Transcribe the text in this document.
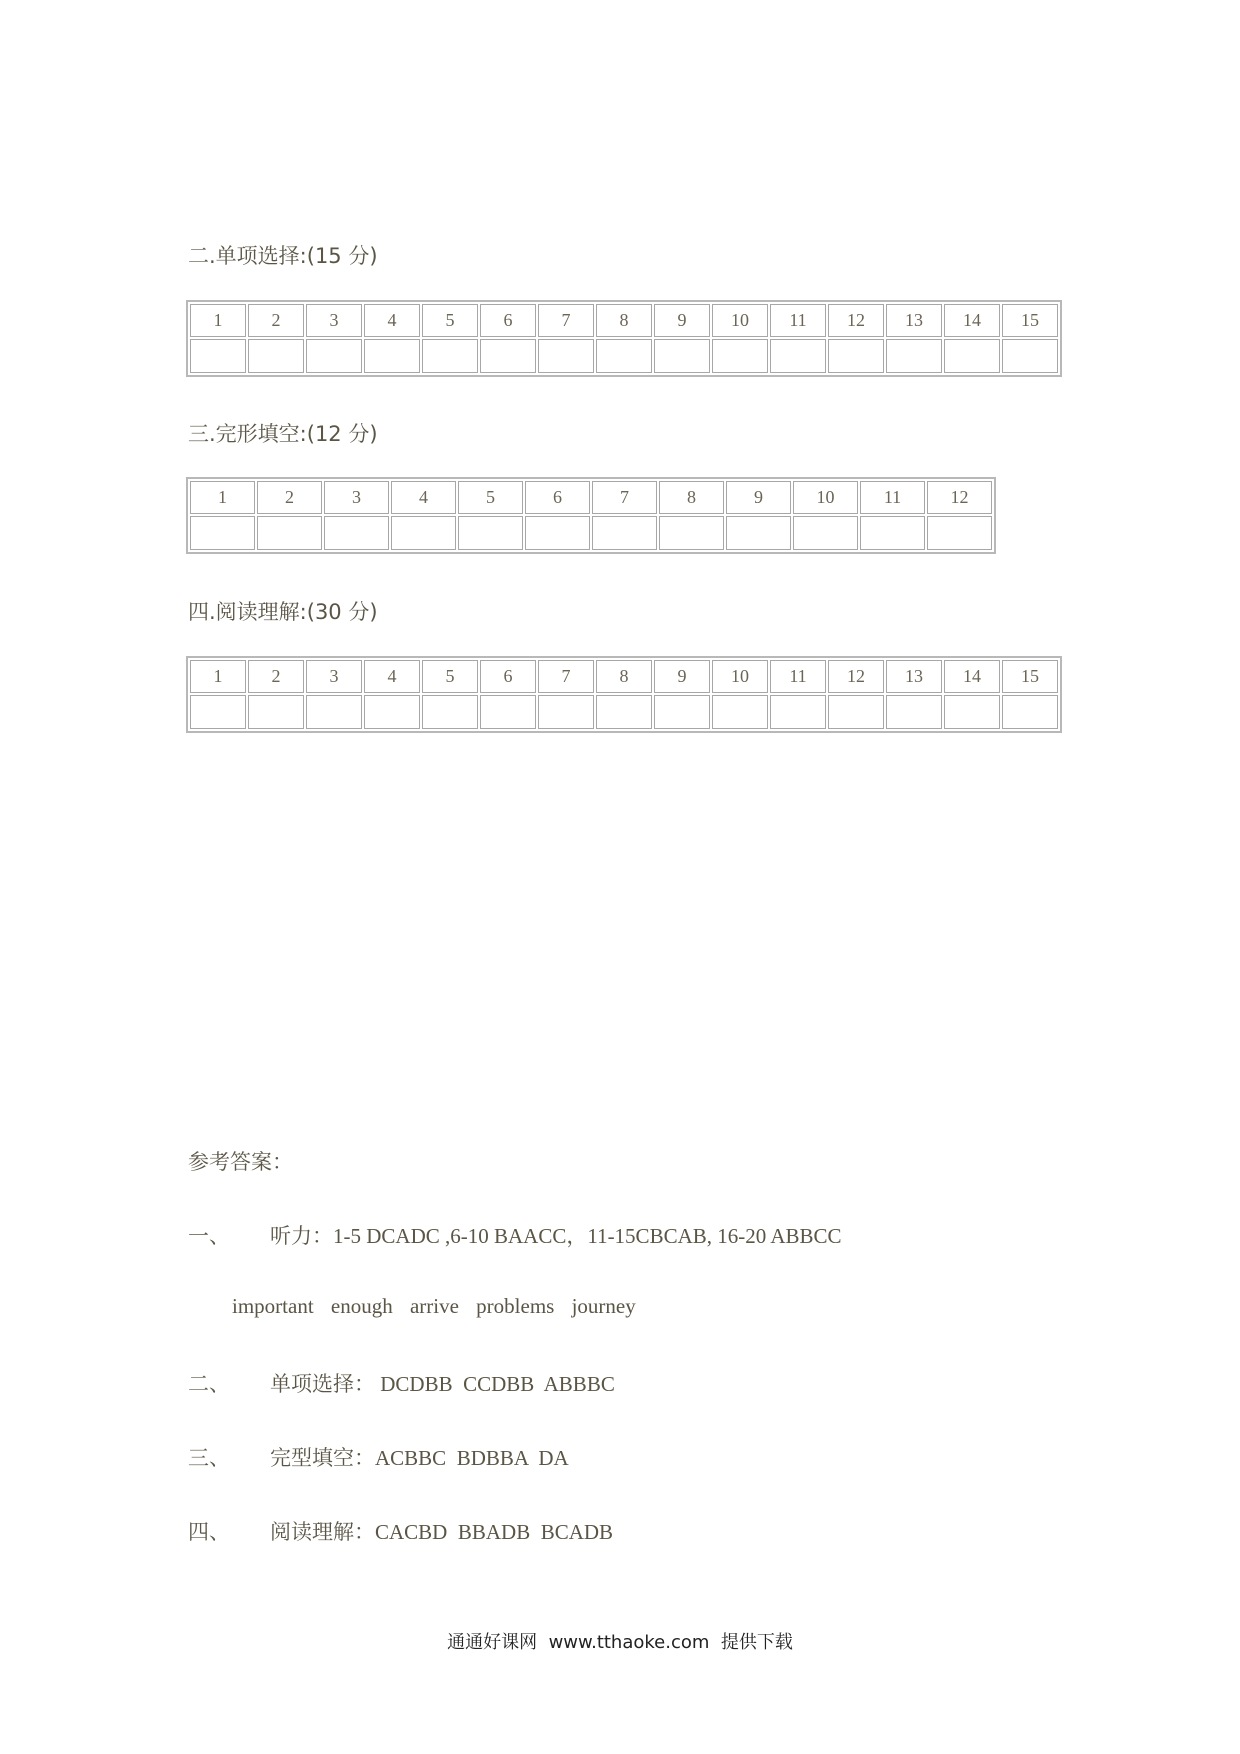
二.单项选择:(15 分)
1	2	3	4	5	6	7	8	9	10	11	12	13	14	15

三.完形填空:(12 分)
1	2	3	4	5	6	7	8	9	10	11	12

四.阅读理解:(30 分)
1	2	3	4	5	6	7	8	9	10	11	12	13	14	15

参考答案：
一、 听力：1-5 DCADC ,6-10 BAACC，11-15CBCAB, 16-20 ABBCC
important enough arrive problems journey
二、 单项选择： DCDBB  CCDBB  ABBBC
三、 完型填空：ACBBC  BDBBA  DA
四、 阅读理解：CACBD  BBADB  BCADB
通通好课网  www.tthaoke.com  提供下载
